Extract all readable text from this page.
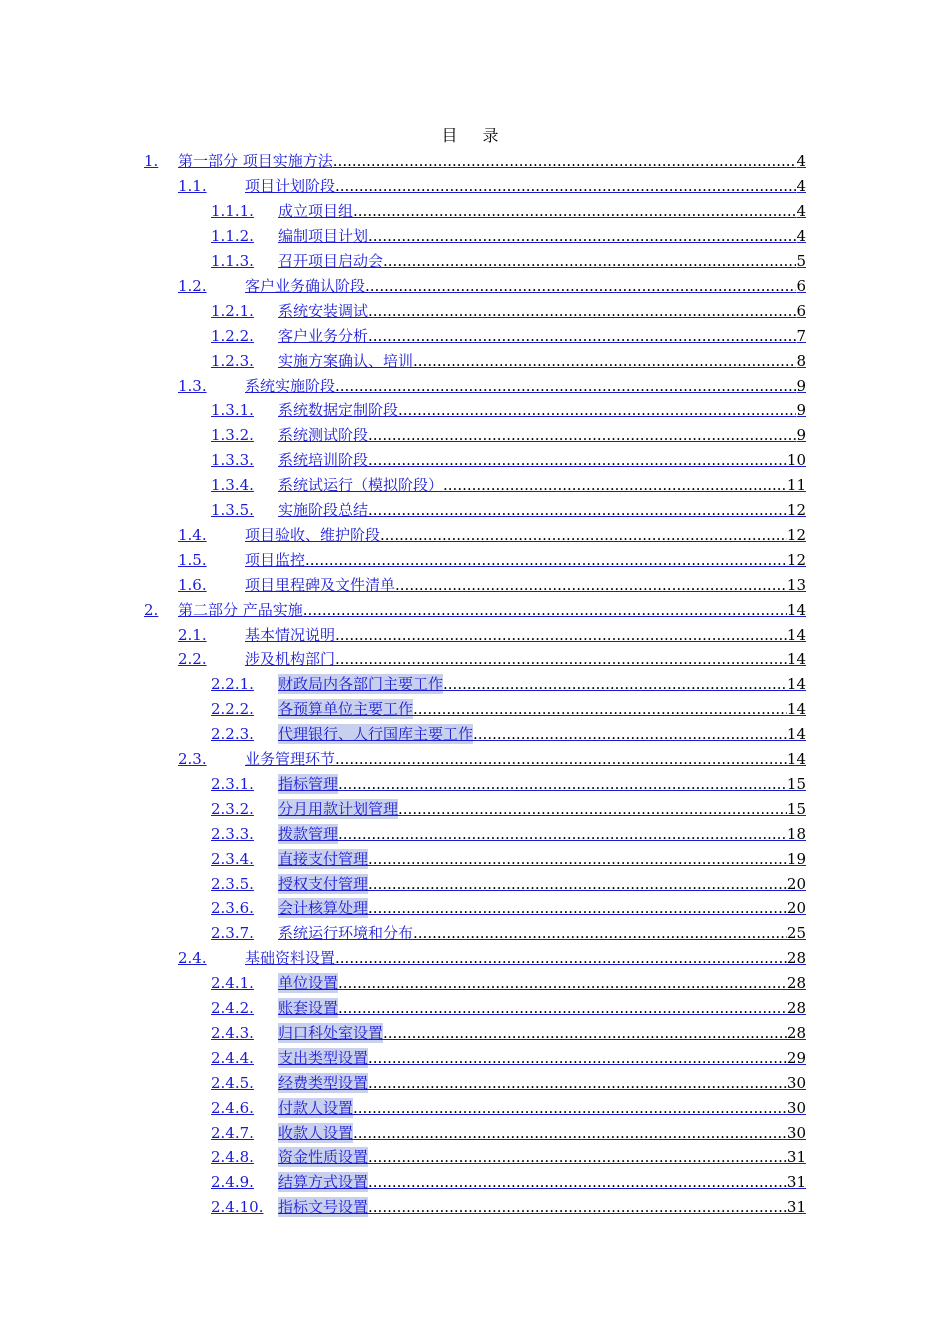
目 录
1. 第一部分 项目实施方法 .....	4
1.1.	项目计划阶段 .....	4
1.1.1. 成立项目组 .....	4
1.1.2. 编制项目计划 .....	4
1.1.3. 召开项目启动会 .....	5
1.2.	客户业务确认阶段 .....	6
1.2.1. 系统安装调试 .....	6
1.2.2. 客户业务分析 .....	7
1.2.3. 实施方案确认、培训 .....	8
1.3.	系统实施阶段 .....	9
1.3.1. 系统数据定制阶段 .....	9
1.3.2. 系统测试阶段 .....	9
1.3.3. 系统培训阶段 .....	10
1.3.4. 系统试运行（模拟阶段） .....	11
1.3.5. 实施阶段总结 .....	12
1.4.	项目验收、维护阶段 .....	12
1.5.	项目监控 .....	12
1.6.	项目里程碑及文件清单 .....	13
2. 第二部分 产品实施 .....	14
2.1.	基本情况说明 .....	14
2.2.	涉及机构部门 .....	14
2.2.1. 财政局内各部门主要工作 .....	14
2.2.2. 各预算单位主要工作 .....	14
2.2.3. 代理银行、人行国库主要工作 .....	14
2.3.	业务管理环节 .....	14
2.3.1. 指标管理 .....	15
2.3.2. 分月用款计划管理 .....	15
2.3.3. 拨款管理 .....	18
2.3.4. 直接支付管理 .....	19
2.3.5. 授权支付管理 .....	20
2.3.6. 会计核算处理 .....	20
2.3.7. 系统运行环境和分布 .....	25
2.4.	基础资料设置 .....	28
2.4.1. 单位设置 .....	28
2.4.2. 账套设置 .....	28
2.4.3. 归口科处室设置 .....	28
2.4.4. 支出类型设置 .....	29
2.4.5. 经费类型设置 .....	30
2.4.6. 付款人设置 .....	30
2.4.7. 收款人设置 .....	30
2.4.8. 资金性质设置 .....	31
2.4.9. 结算方式设置 .....	31
2.4.10. 指标文号设置 .....	31
